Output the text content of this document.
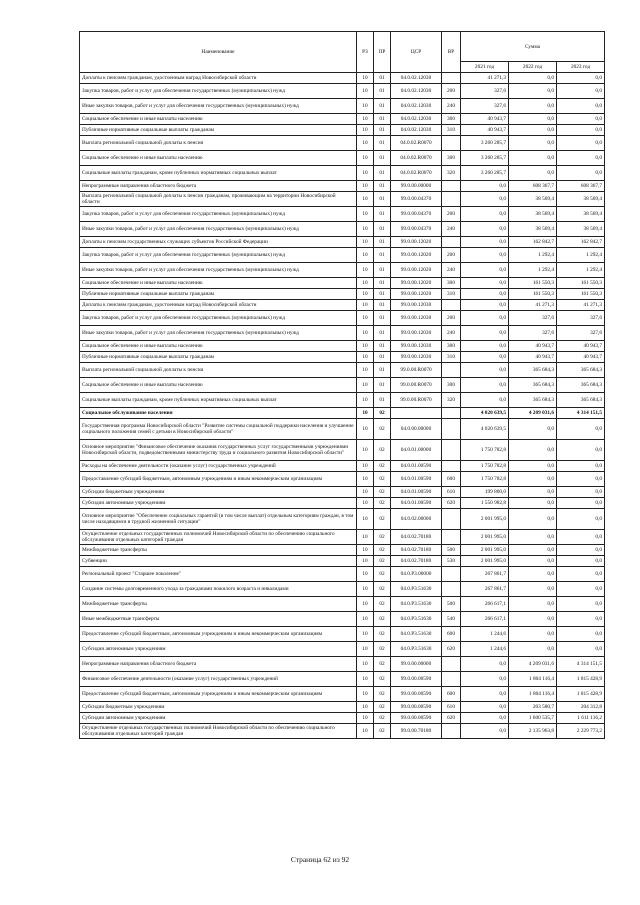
Наименование	РЗ	ПР	ЦСР	ВР	Сумма		
					2021 год	2022 год	2023 год
Доплаты к пенсиям гражданам, удостоенным наград Новосибирской области	10	01	04.0.02.12030		41 271,3	0,0	0,0
Закупка товаров, работ и услуг для обеспечения государственных (муниципальных) нужд	10	01	04.0.02.12030	200	327,6	0,0	0,0
Иные закупки товаров, работ и услуг для обеспечения государственных (муниципальных) нужд	10	01	04.0.02.12030	240	327,6	0,0	0,0
Социальное обеспечение и иные выплаты населению	10	01	04.0.02.12030	300	40 943,7	0,0	0,0
Публичные нормативные социальные выплаты гражданам	10	01	04.0.02.12030	310	40 943,7	0,0	0,0
Выплата региональной социальной доплаты к пенсии	10	01	04.0.02.R0070		3 260 285,7	0,0	0,0
Социальное обеспечение и иные выплаты населению	10	01	04.0.02.R0070	300	3 260 285,7	0,0	0,0
Социальные выплаты гражданам, кроме публичных нормативных социальных выплат	10	01	04.0.02.R0070	320	3 260 285,7	0,0	0,0
Непрограммные направления областного бюджета	10	01	99.0.00.00000		0,0	608 367,7	608 367,7
Выплата региональной социальной доплаты к пенсии гражданам, проживающим на территории Новосибирской области	10	01	99.0.00.04370		0,0	38 569,4	38 569,4
Закупка товаров, работ и услуг для обеспечения государственных (муниципальных) нужд	10	01	99.0.00.04370	200	0,0	38 569,4	38 569,4
Иные закупки товаров, работ и услуг для обеспечения государственных (муниципальных) нужд	10	01	99.0.00.04370	240	0,0	38 569,4	38 569,4
Доплаты к пенсиям государственных служащих субъектов Российской Федерации	10	01	99.0.00.12020		0,0	162 842,7	162 842,7
Закупка товаров, работ и услуг для обеспечения государственных (муниципальных) нужд	10	01	99.0.00.12020	200	0,0	1 292,4	1 292,4
Иные закупки товаров, работ и услуг для обеспечения государственных (муниципальных) нужд	10	01	99.0.00.12020	240	0,0	1 292,4	1 292,4
Социальное обеспечение и иные выплаты населению	10	01	99.0.00.12020	300	0,0	161 550,3	161 550,3
Публичные нормативные социальные выплаты гражданам	10	01	99.0.00.12020	310	0,0	161 550,3	161 550,3
Доплаты к пенсиям гражданам, удостоенным наград Новосибирской области	10	01	99.0.00.12030		0,0	41 271,3	41 271,3
Закупка товаров, работ и услуг для обеспечения государственных (муниципальных) нужд	10	01	99.0.00.12030	200	0,0	327,6	327,6
Иные закупки товаров, работ и услуг для обеспечения государственных (муниципальных) нужд	10	01	99.0.00.12030	240	0,0	327,6	327,6
Социальное обеспечение и иные выплаты населению	10	01	99.0.00.12030	300	0,0	40 943,7	40 943,7
Публичные нормативные социальные выплаты гражданам	10	01	99.0.00.12030	310	0,0	40 943,7	40 943,7
Выплата региональной социальной доплаты к пенсии	10	01	99.0.00.R0070		0,0	365 684,3	365 684,3
Социальное обеспечение и иные выплаты населению	10	01	99.0.00.R0070	300	0,0	365 684,3	365 684,3
Социальные выплаты гражданам, кроме публичных нормативных социальных выплат	10	01	99.0.00.R0070	320	0,0	365 684,3	365 684,3
Социальное обслуживание населения	10	02			4 020 639,5	4 209 031,6	4 314 151,5
Государственная программа Новосибирской области "Развитие системы социальной поддержки населения и улучшение социального положения семей с детьми в Новосибирской области"	10	02	04.0.00.00000		4 020 639,5	0,0	0,0
Основное мероприятие "Финансовое обеспечение оказания государственных услуг государственными учреждениями Новосибирской области, подведомственными министерству труда и социального развития Новосибирской области"	10	02	04.0.01.00000		1 750 782,8	0,0	0,0
Расходы на обеспечение деятельности (оказание услуг) государственных учреждений	10	02	04.0.01.00590		1 750 782,8	0,0	0,0
Предоставление субсидий бюджетным, автономным учреждениям и иным некоммерческим организациям	10	02	04.0.01.00590	600	1 750 782,8	0,0	0,0
Субсидии бюджетным учреждениям	10	02	04.0.01.00590	610	199 800,0	0,0	0,0
Субсидии автономным учреждениям	10	02	04.0.01.00590	620	1 550 982,8	0,0	0,0
Основное мероприятие "Обеспечение социальных гарантий (в том числе выплат) отдельным категориям граждан, в том числе находящимся в трудной жизненной ситуации"	10	02	04.0.02.00000		2 001 995,0	0,0	0,0
Осуществление отдельных государственных полномочий Новосибирской области по обеспечению социального обслуживания отдельных категорий граждан	10	02	04.0.02.70180		2 001 995,0	0,0	0,0
Межбюджетные трансферты	10	02	04.0.02.70180	500	2 001 995,0	0,0	0,0
Субвенции	10	02	04.0.02.70180	530	2 001 995,0	0,0	0,0
Региональный проект "Старшее поколение"	10	02	04.0.P3.00000		267 861,7	0,0	0,0
Создание системы долговременного ухода за гражданами пожилого возраста и инвалидами	10	02	04.0.P3.51630		267 861,7	0,0	0,0
Межбюджетные трансферты	10	02	04.0.P3.51630	500	266 617,1	0,0	0,0
Иные межбюджетные трансферты	10	02	04.0.P3.51630	540	266 617,1	0,0	0,0
Предоставление субсидий бюджетным, автономным учреждениям и иным некоммерческим организациям	10	02	04.0.P3.51630	600	1 244,6	0,0	0,0
Субсидии автономным учреждениям	10	02	04.0.P3.51630	620	1 244,6	0,0	0,0
Непрограммные направления областного бюджета	10	02	99.0.00.00000		0,0	4 209 031,6	4 314 151,5
Финансовое обеспечение деятельности (оказание услуг) государственных учреждений	10	02	99.0.00.00590		0,0	1 804 116,4	1 815 428,9
Предоставление субсидий бюджетным, автономным учреждениям и иным некоммерческим организациям	10	02	99.0.00.00590	600	0,0	1 804 116,4	1 815 428,9
Субсидии бюджетным учреждениям	10	02	99.0.00.00590	610	0,0	203 580,7	204 312,8
Субсидии автономным учреждениям	10	02	99.0.00.00590	620	0,0	1 600 535,7	1 611 116,2
Осуществление отдельных государственных полномочий Новосибирской области по обеспечению социального обслуживания отдельных категорий граждан	10	02	99.0.00.70180		0,0	2 135 963,8	2 229 773,2
Страница 62 из 92
